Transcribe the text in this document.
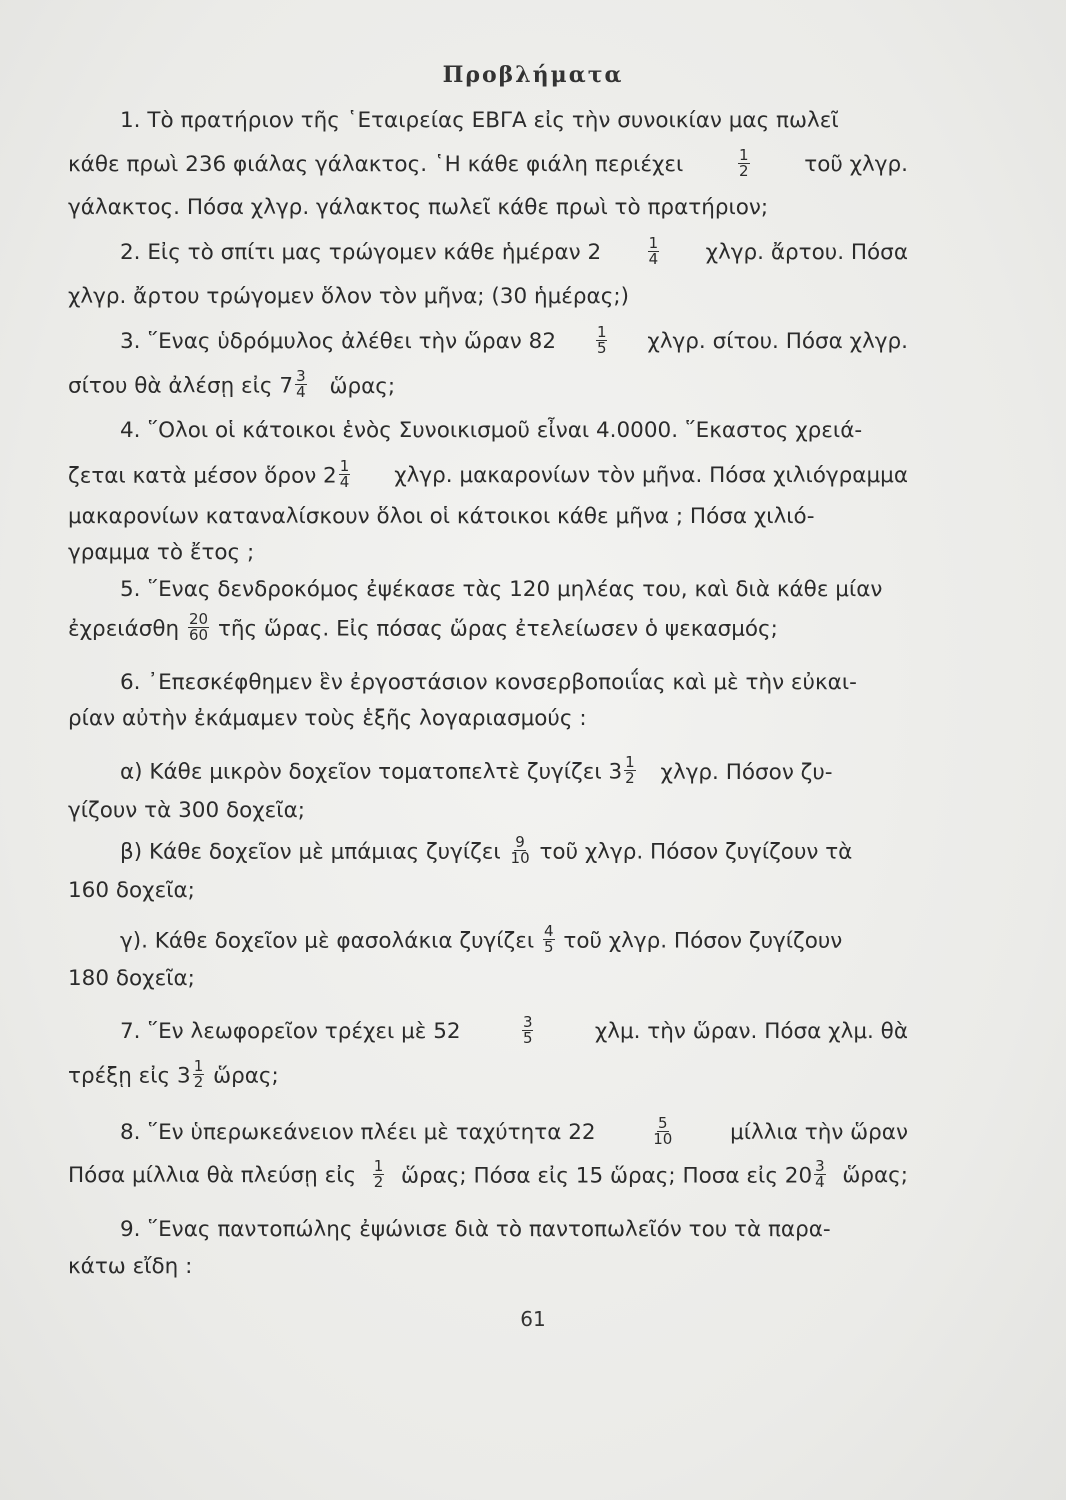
Προβλήματα
1. Τὸ πρατήριον τῆς ῾Εταιρείας ΕΒΓΑ εἰς τὴν συνοικίαν μας πωλεῖ
κάθε πρωὶ 236 φιάλας γάλακτος. ῾Η κάθε φιάλη περιέχει	$\frac{1}{2}$	τοῦ χλγρ.
γάλακτος. Πόσα χλγρ. γάλακτος πωλεῖ κάθε πρωὶ τὸ πρατήριον;
2. Εἰς τὸ σπίτι μας τρώγομεν κάθε ἡμέραν 2	$\frac{1}{4} \chi\lambda\gamma\rho$. ἄρτου. Πόσα
χλγρ. ἄρτου τρώγομεν ὅλον τὸν μῆνα; (30 ἡμέρας;)
3. ῞Ενας ὑδρόμυλος ἀλέθει τὴν ὥραν 82	$\frac{1}{5} \chi\lambda\gamma\rho$. σίτου. Πόσα χλγρ.
σίτου θὰ ἀλέσῃ εἰς $7 \frac{3}{4}$ ὥρας;
4. ῞Ολοι οἱ κάτοικοι ἑνὸς Συνοικισμοῦ εἶναι 4.0000. ῞Εκαστος χρειά-
ζεται κατὰ μέσον ὅρον $2 \frac{1}{4} \chi\lambda\gamma\rho$. μακαρονίων τὸν μῆνα. Πόσα χιλιόγραμμα
μακαρονίων καταναλίσκουν ὅλοι οἱ κάτοικοι κάθε μῆνα ; Πόσα χιλιό-
γραμμα τὸ ἔτος ;
5. ῞Ενας δενδροκόμος ἐψέκασε τὰς 120 μηλέας του, καὶ διὰ κάθε μίαν
ἐχρειάσθη $\frac{20}{60}$ τῆς ὥρας. Εἰς πόσας ὥρας ἐτελείωσεν ὁ ψεκασμός;
6. ᾿Επεσκέφθημεν ἓν ἐργοστάσιον κονσερβοποιΐας καὶ μὲ τὴν εὐκαι-
ρίαν αὐτὴν ἐκάμαμεν τοὺς ἑξῆς λογαριασμούς :
α) Κάθε μικρὸν δοχεῖον τοματοπελτὲ ζυγίζει $3 \frac{1}{2} \chi\lambda\gamma\rho$. Πόσον ζυ-
γίζουν τὰ 300 δοχεῖα;
β) Κάθε δοχεῖον μὲ μπάμιας ζυγίζει $\frac{9}{10}$ τοῦ χλγρ. Πόσον ζυγίζουν τὰ
160 δοχεῖα;
γ). Κάθε δοχεῖον μὲ φασολάκια ζυγίζει $\frac{4}{5}$ τοῦ χλγρ. Πόσον ζυγίζουν
180 δοχεῖα;
7. ῞Εν λεωφορεῖον τρέχει μὲ 52	$\frac{3}{5}$	χλμ. τὴν ὥραν. Πόσα χλμ. θὰ
τρέξῃ εἰς $3 \frac{1}{2}$ ὥρας;
8. ῞Εν ὑπερωκεάνειον πλέει μὲ ταχύτητα 22	$\frac{5}{10}$	μίλλια τὴν ὥραν
Πόσα μίλλια θὰ πλεύσῃ εἰς $\frac{1}{2}$ ὥρας; Πόσα εἰς 15 ὥρας; Ποσα εἰς $20 \frac{3}{4}$ ὥρας;
9. ῞Ενας παντοπώλης ἐψώνισε διὰ τὸ παντοπωλεῖόν του τὰ παρα-
κάτω εἴδη :
61
